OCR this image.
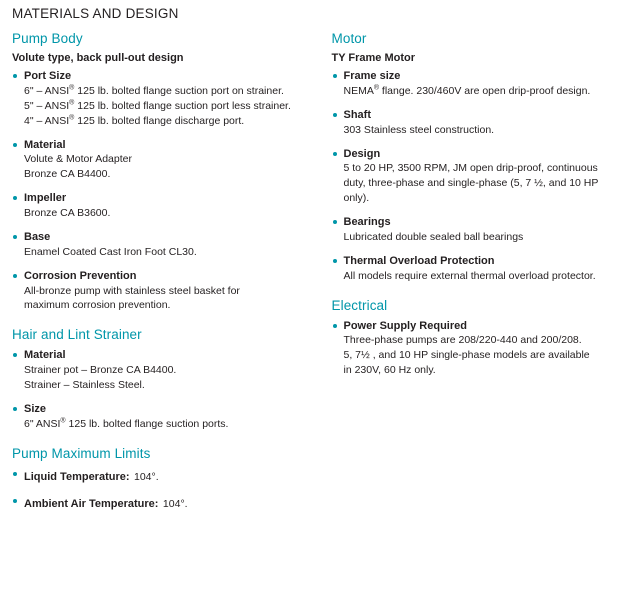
MATERIALS AND DESIGN
Pump Body
Volute type, back pull-out design
Port Size
6" – ANSI® 125 lb. bolted flange suction port on strainer.
5" – ANSI® 125 lb. bolted flange suction port less strainer.
4" – ANSI® 125 lb. bolted flange discharge port.
Material
Volute & Motor Adapter
Bronze CA B4400.
Impeller
Bronze CA B3600.
Base
Enamel Coated Cast Iron Foot CL30.
Corrosion Prevention
All-bronze pump with stainless steel basket for
maximum corrosion prevention.
Hair and Lint Strainer
Material
Strainer pot – Bronze CA B4400.
Strainer – Stainless Steel.
Size
6" ANSI® 125 lb. bolted flange suction ports.
Pump Maximum Limits
Liquid Temperature: 104°.
Ambient Air Temperature: 104°.
Motor
TY Frame Motor
Frame size
NEMA® flange. 230/460V are open drip-proof design.
Shaft
303 Stainless steel construction.
Design
5 to 20 HP, 3500 RPM, JM open drip-proof, continuous
duty, three-phase and single-phase (5, 7 ½, and 10 HP only).
Bearings
Lubricated double sealed ball bearings
Thermal Overload Protection
All models require external thermal overload protector.
Electrical
Power Supply Required
Three-phase pumps are 208/220-440 and 200/208.
5, 7½ , and 10 HP single-phase models are available
in 230V, 60 Hz only.
